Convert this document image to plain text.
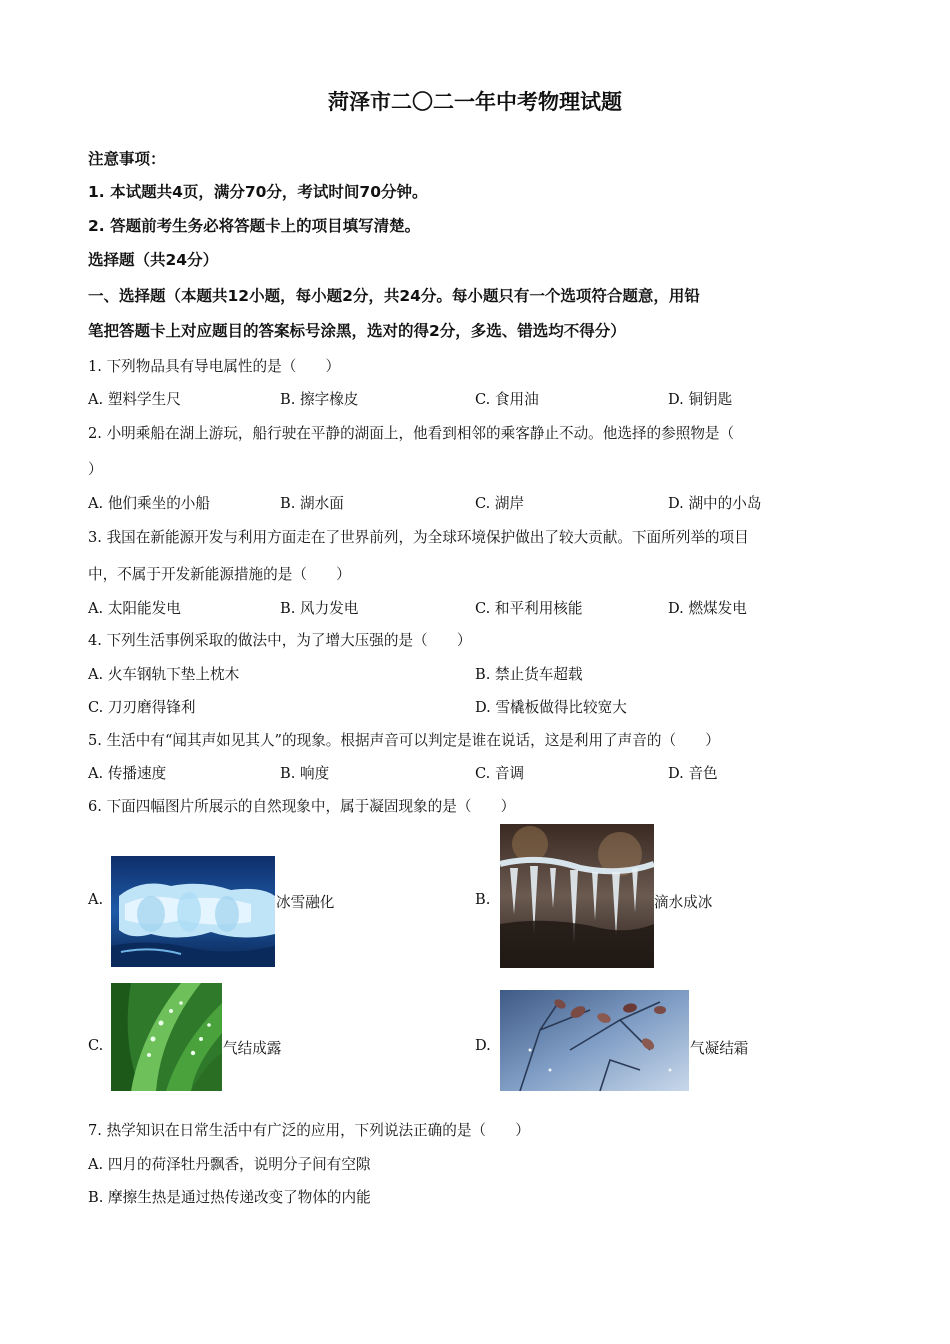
菏泽市二〇二一年中考物理试题
注意事项：
1. 本试题共4页，满分70分，考试时间70分钟。
2. 答题前考生务必将答题卡上的项目填写清楚。
选择题（共24分）
一、选择题（本题共12小题，每小题2分，共24分。每小题只有一个选项符合题意，用铅
笔把答题卡上对应题目的答案标号涂黑，选对的得2分，多选、错选均不得分）
1. 下列物品具有导电属性的是（　　）
A. 塑料学生尺	B. 擦字橡皮	C. 食用油	D. 铜钥匙
2. 小明乘船在湖上游玩，船行驶在平静的湖面上，他看到相邻的乘客静止不动。他选择的参照物是（
）
A. 他们乘坐的小船	B. 湖水面	C. 湖岸	D. 湖中的小岛
3. 我国在新能源开发与利用方面走在了世界前列，为全球环境保护做出了较大贡献。下面所列举的项目
中，不属于开发新能源措施的是（　　）
A. 太阳能发电	B. 风力发电	C. 和平利用核能	D. 燃煤发电
4. 下列生活事例采取的做法中，为了增大压强的是（　　）
A. 火车钢轨下垫上枕木	B. 禁止货车超载
C. 刀刃磨得锋利	D. 雪橇板做得比较宽大
5. 生活中有“闻其声如见其人”的现象。根据声音可以判定是谁在说话，这是利用了声音的（　　）
A. 传播速度	B. 响度	C. 音调	D. 音色
6. 下面四幅图片所展示的自然现象中，属于凝固现象的是（　　）
A.	冰雪融化	B.	滴水成冰
C.	气结成露	D.	气凝结霜
7. 热学知识在日常生活中有广泛的应用，下列说法正确的是（　　）
A. 四月的荷泽牡丹飘香，说明分子间有空隙
B. 摩擦生热是通过热传递改变了物体的内能
